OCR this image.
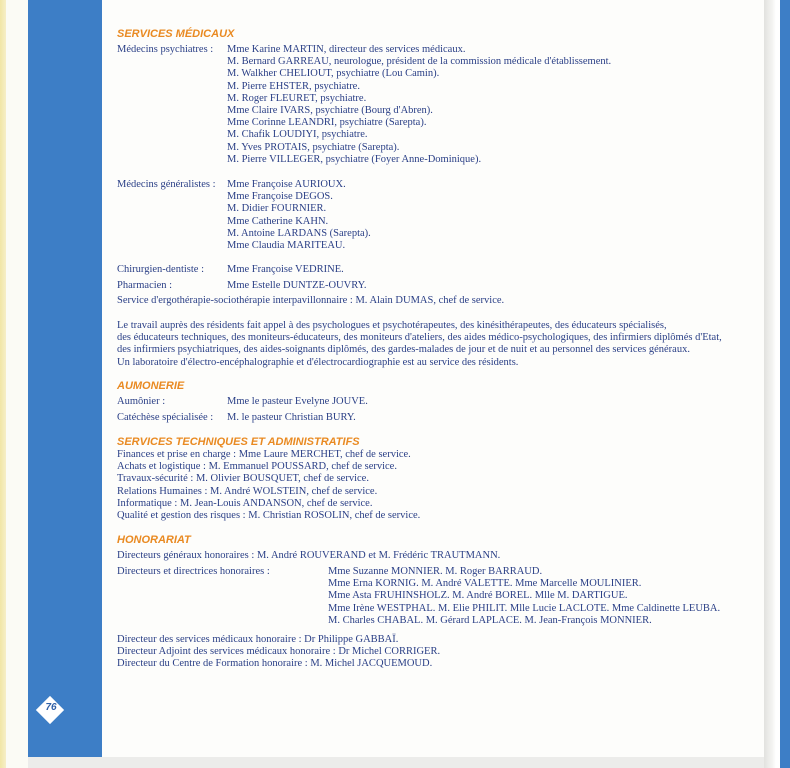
76
SERVICES MÉDICAUX
Médecins psychiatres : Mme Karine MARTIN, directeur des services médicaux.
M. Bernard GARREAU, neurologue, président de la commission médicale d'établissement.
M. Walkher CHELIOUT, psychiatre (Lou Camin).
M. Pierre EHSTER, psychiatre.
M. Roger FLEURET, psychiatre.
Mme Claire IVARS, psychiatre (Bourg d'Abren).
Mme Corinne LEANDRI, psychiatre (Sarepta).
M. Chafik LOUDIYI, psychiatre.
M. Yves PROTAIS, psychiatre (Sarepta).
M. Pierre VILLEGER, psychiatre (Foyer Anne-Dominique).
Médecins généralistes : Mme Françoise AURIOUX.
Mme Françoise DEGOS.
M. Didier FOURNIER.
Mme Catherine KAHN.
M. Antoine LARDANS (Sarepta).
Mme Claudia MARITEAU.
Chirurgien-dentiste : Mme Françoise VEDRINE.
Pharmacien :	Mme Estelle DUNTZE-OUVRY.
Service d'ergothérapie-sociothérapie interpavillonnaire : M. Alain DUMAS, chef de service.
Le travail auprès des résidents fait appel à des psychologues et psychotérapeutes, des kinésithérapeutes, des éducateurs spécialisés,
des éducateurs techniques, des moniteurs-éducateurs, des moniteurs d'ateliers, des aides médico-psychologiques, des infirmiers diplômés d'Etat,
des infirmiers psychiatriques, des aides-soignants diplômés, des gardes-malades de jour et de nuit et au personnel des services généraux.
Un laboratoire d'électro-encéphalographie et d'électrocardiographie est au service des résidents.
AUMONERIE
Aumônier :	Mme le pasteur Evelyne JOUVE.
Catéchèse spécialisée : M. le pasteur Christian BURY.
SERVICES TECHNIQUES ET ADMINISTRATIFS
Finances et prise en charge : Mme Laure MERCHET, chef de service.
Achats et logistique : M. Emmanuel POUSSARD, chef de service.
Travaux-sécurité : M. Olivier BOUSQUET, chef de service.
Relations Humaines : M. André WOLSTEIN, chef de service.
Informatique : M. Jean-Louis ANDANSON, chef de service.
Qualité et gestion des risques : M. Christian ROSOLIN, chef de service.
HONORARIAT
Directeurs généraux honoraires : M. André ROUVERAND et M. Frédéric TRAUTMANN.
Directeurs et directrices honoraires :	Mme Suzanne MONNIER. M. Roger BARRAUD.
Mme Erna KORNIG. M. André VALETTE. Mme Marcelle MOULINIER.
Mme Asta FRUHINSHOLZ. M. André BOREL. Mlle M. DARTIGUE.
Mme Irène WESTPHAL. M. Elie PHILIT. Mlle Lucie LACLOTE. Mme Caldinette LEUBA.
M. Charles CHABAL. M. Gérard LAPLACE. M. Jean-François MONNIER.
Directeur des services médicaux honoraire : Dr Philippe GABBAÏ.
Directeur Adjoint des services médicaux honoraire : Dr Michel CORRIGER.
Directeur du Centre de Formation honoraire : M. Michel JACQUEMOUD.
